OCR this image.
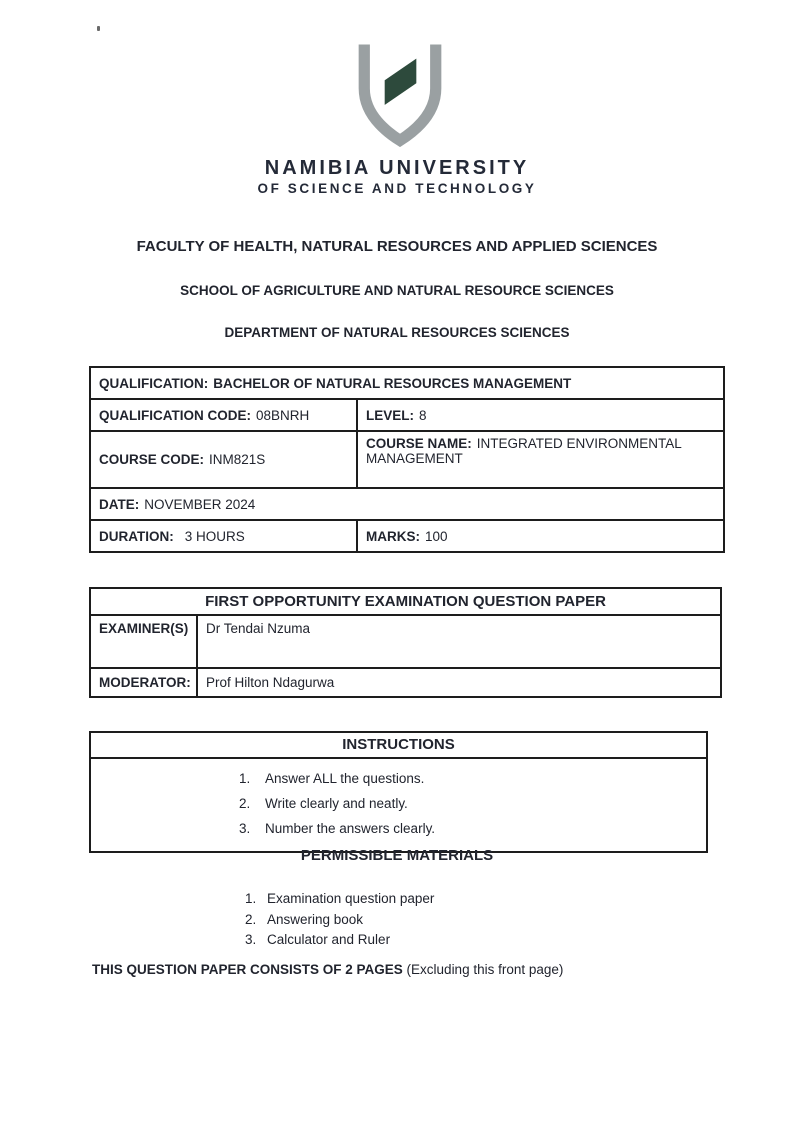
NAMIBIA UNIVERSITY
OF SCIENCE AND TECHNOLOGY
FACULTY OF HEALTH, NATURAL RESOURCES AND APPLIED SCIENCES
SCHOOL OF AGRICULTURE AND NATURAL RESOURCE SCIENCES
DEPARTMENT OF NATURAL RESOURCES SCIENCES
QUALIFICATION: BACHELOR OF NATURAL RESOURCES MANAGEMENT	
QUALIFICATION CODE: 08BNRH	LEVEL: 8
COURSE CODE: INM821S	COURSE NAME: INTEGRATED ENVIRONMENTAL MANAGEMENT
DATE: NOVEMBER 2024	
DURATION: 3 HOURS	MARKS: 100
FIRST OPPORTUNITY EXAMINATION QUESTION PAPER	
EXAMINER(S)	Dr Tendai Nzuma
MODERATOR:	Prof Hilton Ndagurwa
INSTRUCTIONS
1.	Answer ALL the questions.
2.	Write clearly and neatly.
3.	Number the answers clearly.
PERMISSIBLE MATERIALS
1. Examination question paper
2. Answering book
3. Calculator and Ruler
THIS QUESTION PAPER CONSISTS OF 2 PAGES (Excluding this front page)
